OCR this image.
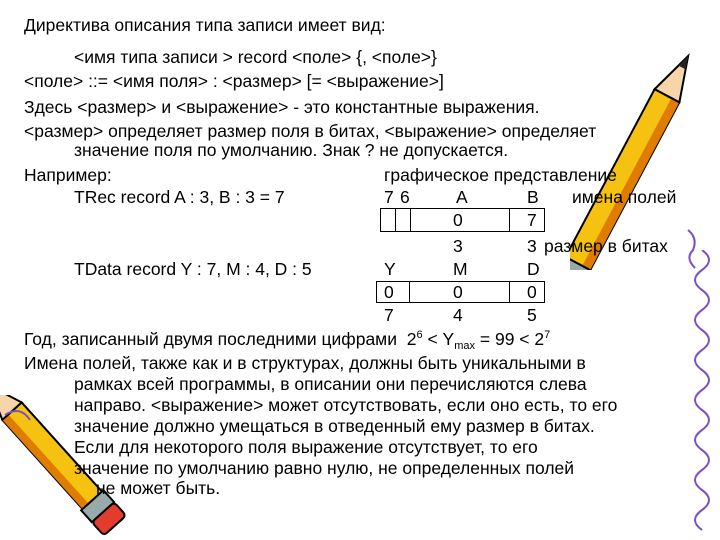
Директива описания типа записи имеет вид:
<имя типа записи > record <поле> {, <поле>}
<поле> ::= <имя поля> : <размер> [= <выражение>]
Здесь <размер> и <выражение> - это константные выражения.
<размер> определяет размер поля в битах, <выражение> определяет
значение поля по умолчанию. Знак ? не допускается.
Например:	графическое представление
TRec record A : 3, B : 3 = 7	7 6	A	B имена полей
0	7
3	3 размер в битах
TData record Y : 7, M : 4, D : 5	Y	M	D
0	0	0
7	4	5
Год, записанный двумя последними цифрами $2^6 < Y_{max} = 99 < 2^7$
Имена полей, также как и в структурах, должны быть уникальными в
рамках всей программы, в описании они перечисляются слева
направо. <выражение> может отсутствовать, если оно есть, то его
значение должно умещаться в отведенный ему размер в битах.
Если для некоторого поля выражение отсутствует, то его
значение по умолчанию равно нулю, не определенных полей
не может быть.
